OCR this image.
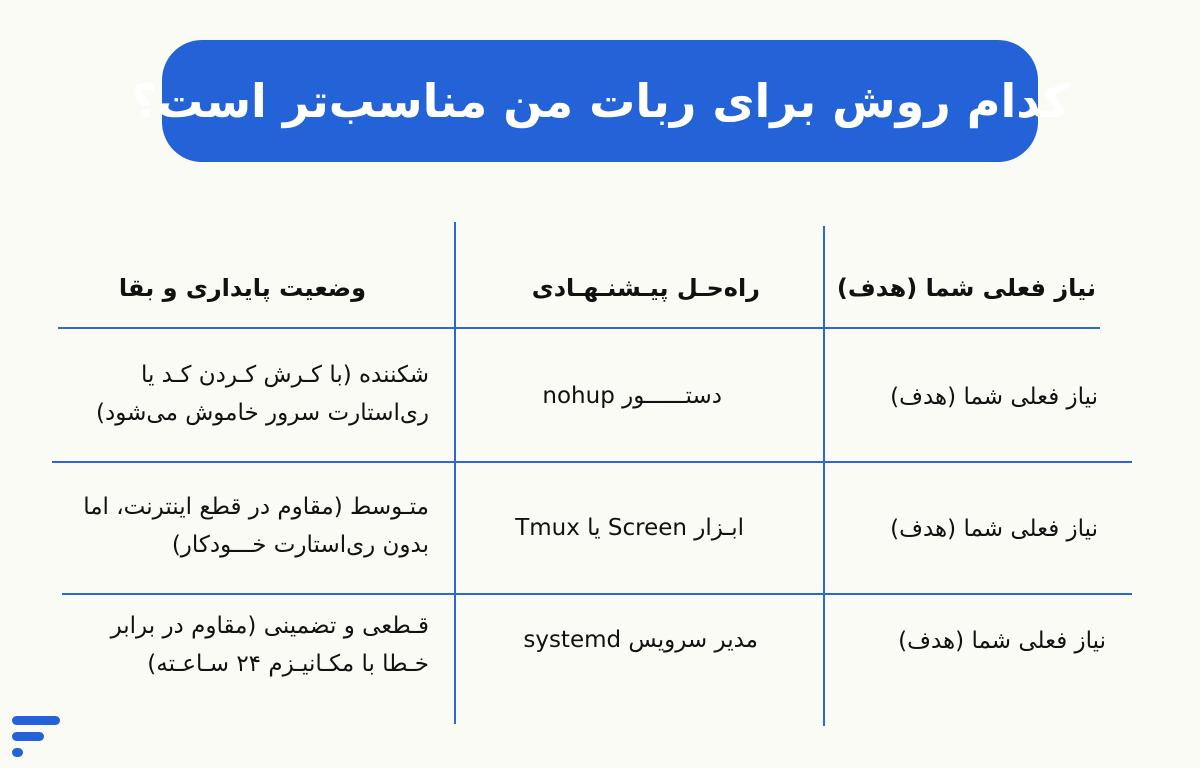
کدام روش برای ربات من مناسب‌تر است؟
نیاز فعلی شما (هدف)
راه‌حـل پیـشنـهـادی
وضعیت پایداری و بقا
نیاز فعلی شما (هدف)
دستــــــور nohup
شکننده (با کـرش کـردن کـد یا ری‌استارت سرور خاموش می‌شود)
نیاز فعلی شما (هدف)
ابـزار Screen یا Tmux
متـوسط (مقاوم در قطع اینترنت، اما بدون ری‌استارت خـــودکار)
نیاز فعلی شما (هدف)
مدیر سرویس systemd
قـطعی و تضمینی (مقاوم در برابر خـطا با مکـانیـزم ۲۴ سـاعـته)
